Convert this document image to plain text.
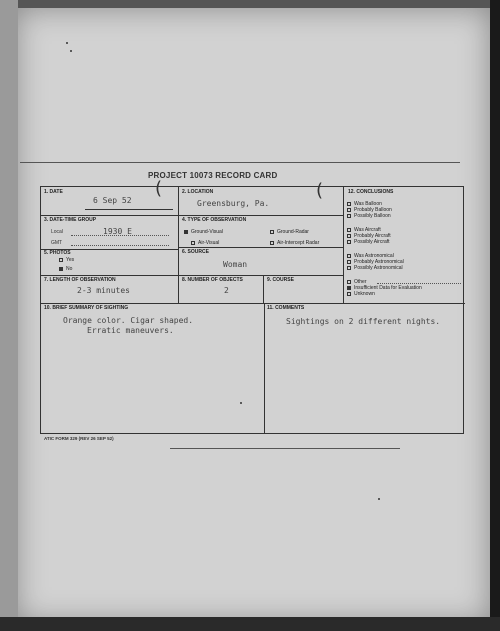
PROJECT 10073 RECORD CARD
(	(
1. DATE
6 Sep 52
2. LOCATION
Greensburg, Pa.
3. DATE-TIME GROUP
Local	1930 E
GMT
4. TYPE OF OBSERVATION
Ground-Visual	Ground-Radar
Air-Visual	Air-Intercept Radar
5. PHOTOS
Yes
No
6. SOURCE
Woman
7. LENGTH OF OBSERVATION
2-3 minutes
8. NUMBER OF OBJECTS
2
9. COURSE
10. BRIEF SUMMARY OF SIGHTING
Orange color. Cigar shaped.
Erratic maneuvers.
11. COMMENTS
Sightings on 2 different nights.
12. CONCLUSIONS
Was Balloon
Probably Balloon
Possibly Balloon
Was Aircraft
Probably Aircraft
Possibly Aircraft
Was Astronomical
Probably Astronomical
Possibly Astronomical
Other
Insufficient Data for Evaluation
Unknown
ATIC FORM 329 (REV 26 SEP 52)
